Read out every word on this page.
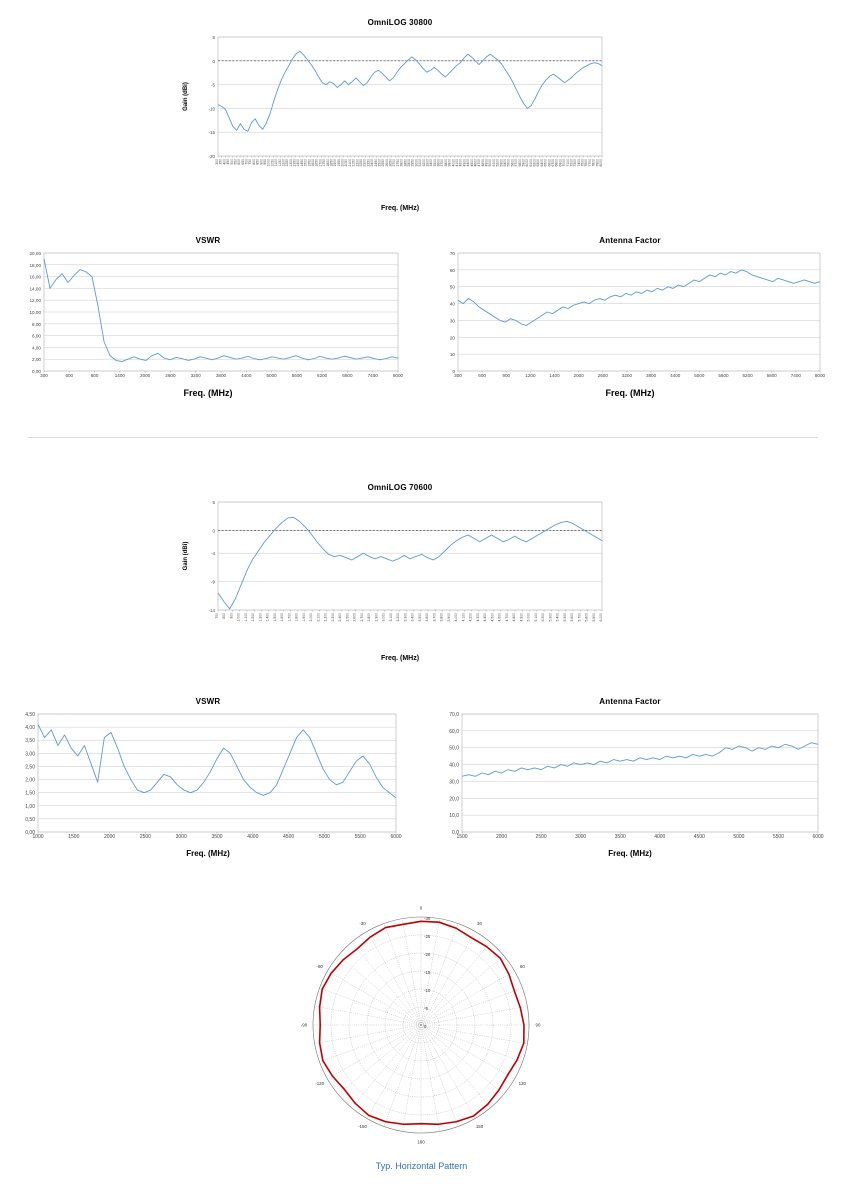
OmniLOG 30800
5
0
-5
-10
-15
-20
300 350 400 450 500 550 600 650 700 750 800 850 900 950 1000 1050 1100 1150 1200 1250 1300 1350 1400 1450 1500 1550 1600 1650 1700 1750 1800 1850 1900 1950 2000 2050 2100 2150 2200 2250 2300 2350 2400 2450 2500 2550 2600 2650 2700 2750 2800 2850 2900 2950 3000 3100 3200 3300 3400 3500 3600 3700 3800 3900 4000 4100 4200 4300 4400 4500 4600 4700 4800 4900 5000 5100 5200 5300 5400 5500 5600 5700 5800 5900 6000 6100 6200 6300 6400 6500 6600 6700 6800 6900 7000 7100 7200 7300 7400 7500 7600 7700 7800 7900 8000
Gain (dBi)
Freq. (MHz)
VSWR
20,00
18,00
16,00
14,00
12,00
10,00
8,00
6,00
4,00
2,00
0,00
300	600	800	1400	2000	2600	3200	3800	4400	5000	5600	6200	6800	7400	8000
Freq. (MHz)
Antenna Factor
70
60
50
40
30
20
10
0
300	600	900	1200	1400	2000	2600	3200	3800	4400	5000	5600	6200	6800	7400	8000
Freq. (MHz)
OmniLOG 70600
5
0
-4
-9
-14
700 800 900 1.000 1.100 1.200 1.300 1.400 1.500 1.600 1.700 1.800 1.900 2.000 2.100 2.200 2.300 2.400 2.500 2.600 2.700 2.800 2.900 3.000 3.100 3.200 3.300 3.400 3.500 3.600 3.700 3.800 3.900 4.000 4.100 4.200 4.300 4.400 4.500 4.600 4.700 4.800 4.900 5.000 5.100 5.200 5.300 5.400 5.500 5.600 5.700 5.800 5.900 6.000
Gain (dBi)
Freq. (MHz)
VSWR
4,50
4,00
3,50
3,00
2,50
2,00
1,50
1,00
0,50
0,00
1000	1500	2000	2500	3000	3500	4000	4500	5000	5500	6000
Freq. (MHz)
Antenna Factor
70,0
60,0
50,0
40,0
30,0
20,0
10,0
0,0
1500	2000	2500	3000	3500	4000	4500	5000	5500	6000
Freq. (MHz)
0
-5
-10
-15
-20
-25
-30
0
30
60
90
120
150
180
-150
-120
-90
-60
-30
Typ. Horizontal Pattern
